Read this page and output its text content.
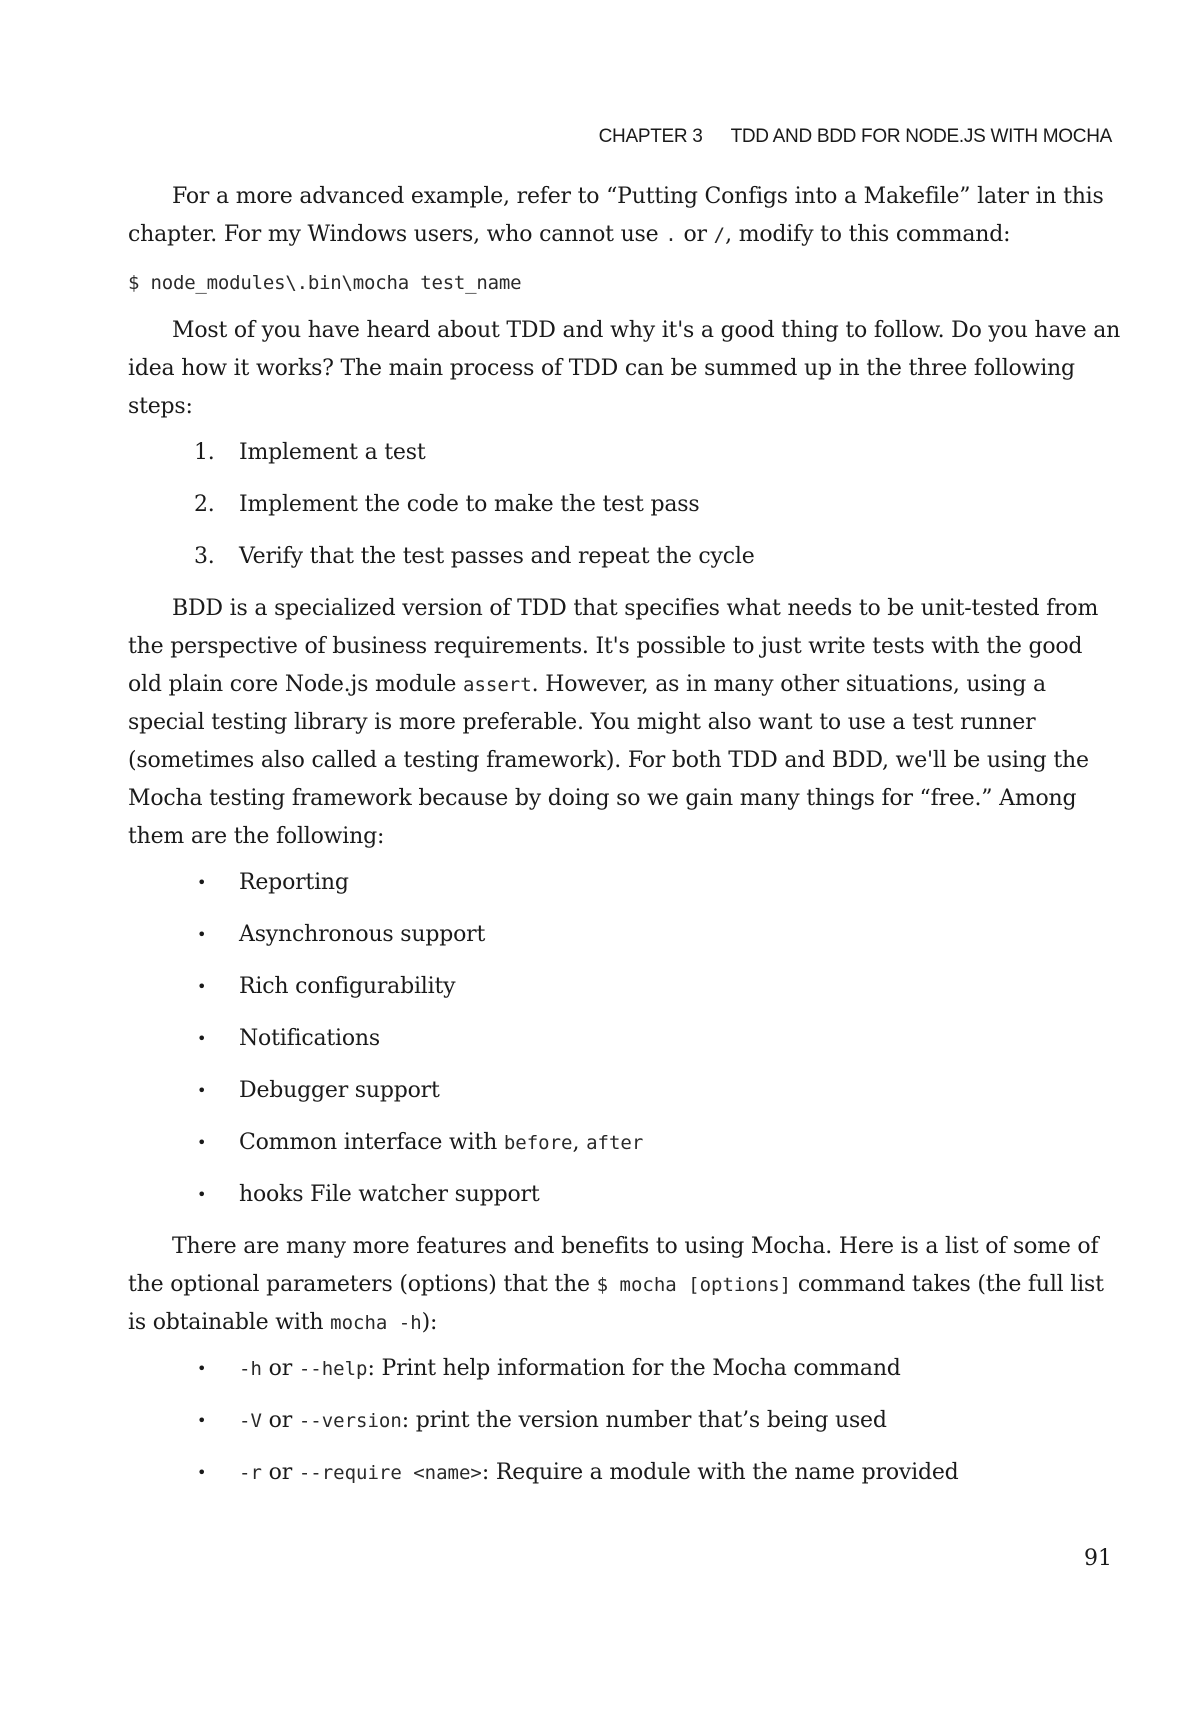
CHAPTER 3 TDD AND BDD FOR NODE.JS WITH MOCHA

For a more advanced example, refer to “Putting Configs into a Makefile” later in this chapter. For my Windows users, who cannot use . or /, modify to this command:

$ node_modules\.bin\mocha test_name

Most of you have heard about TDD and why it's a good thing to follow. Do you have an idea how it works? The main process of TDD can be summed up in the three following steps:

1.	Implement a test
2.	Implement the code to make the test pass
3.	Verify that the test passes and repeat the cycle

BDD is a specialized version of TDD that specifies what needs to be unit-tested from the perspective of business requirements. It's possible to just write tests with the good old plain core Node.js module assert. However, as in many other situations, using a special testing library is more preferable. You might also want to use a test runner (sometimes also called a testing framework). For both TDD and BDD, we'll be using the Mocha testing framework because by doing so we gain many things for “free.” Among them are the following:

• Reporting
• Asynchronous support
• Rich configurability
• Notifications
• Debugger support
• Common interface with before, after
• hooks File watcher support

There are many more features and benefits to using Mocha. Here is a list of some of the optional parameters (options) that the $ mocha [options] command takes (the full list is obtainable with mocha -h):

• -h or --help: Print help information for the Mocha command
• -V or --version: print the version number that’s being used
• -r or --require <name>: Require a module with the name provided
91
